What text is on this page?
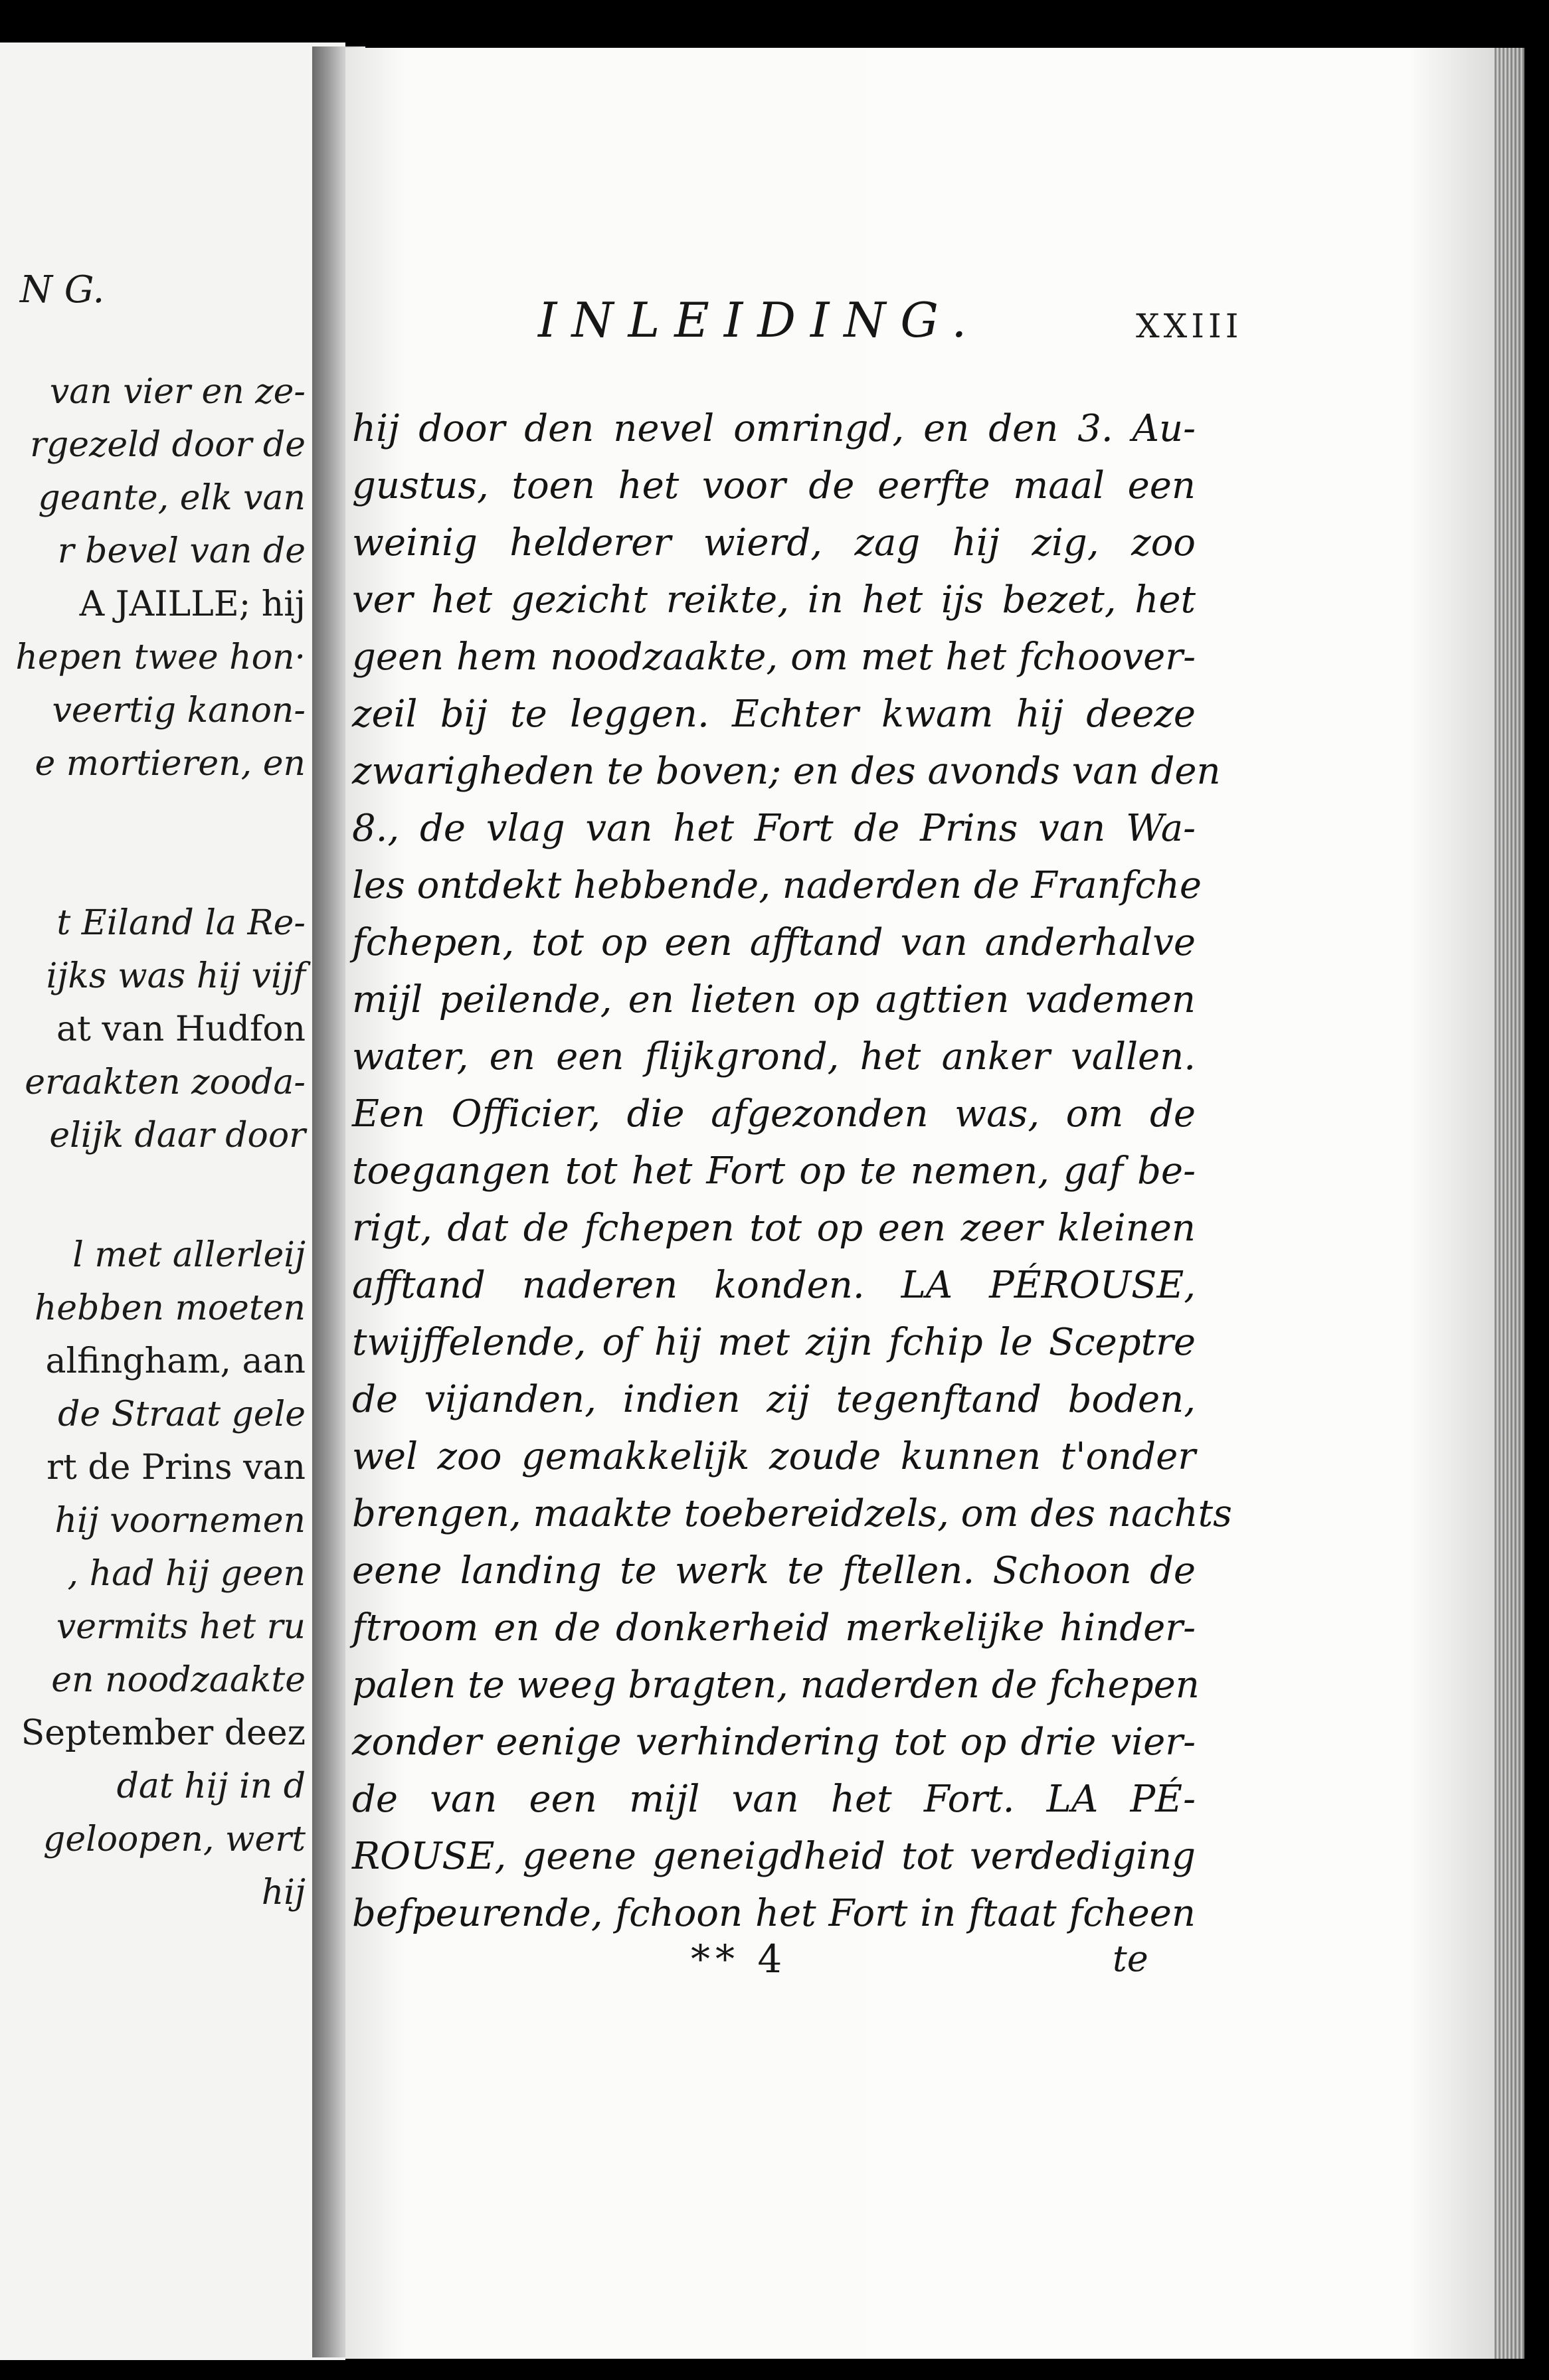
N G.
van vier en ze-
rgezeld door de
geante, elk van
r bevel van de
A JAILLE; hij
hepen twee hon·
veertig kanon-
e mortieren, en
t Eiland la Re-
ijks was hij vijf
at van Hudfon
eraakten zooda-
elijk daar door
l met allerleij
hebben moeten
alfingham, aan
de Straat gele
rt de Prins van
hij voornemen
, had hij geen
vermits het ru
en noodzaakte
September deez
dat hij in d
geloopen, wert
hij
INLEIDING.	XXIII
hij door den nevel omringd, en den 3. Au-
gustus, toen het voor de eerfte maal een
weinig helderer wierd, zag hij zig, zoo
ver het gezicht reikte, in het ijs bezet, het
geen hem noodzaakte, om met het fchoover-
zeil bij te leggen. Echter kwam hij deeze
zwarigheden te boven; en des avonds van den
8., de vlag van het Fort de Prins van Wa-
les ontdekt hebbende, naderden de Franfche
fchepen, tot op een afftand van anderhalve
mijl peilende, en lieten op agttien vademen
water, en een flijkgrond, het anker vallen.
Een Officier, die afgezonden was, om de
toegangen tot het Fort op te nemen, gaf be-
rigt, dat de fchepen tot op een zeer kleinen
afftand naderen konden. LA PÉROUSE,
twijffelende, of hij met zijn fchip le Sceptre
de vijanden, indien zij tegenftand boden,
wel zoo gemakkelijk zoude kunnen t'onder
brengen, maakte toebereidzels, om des nachts
eene landing te werk te ftellen. Schoon de
ftroom en de donkerheid merkelijke hinder-
palen te weeg bragten, naderden de fchepen
zonder eenige verhindering tot op drie vier-
de van een mijl van het Fort. LA PÉ-
ROUSE, geene geneigdheid tot verdediging
befpeurende, fchoon het Fort in ftaat fcheen
** 4	te
